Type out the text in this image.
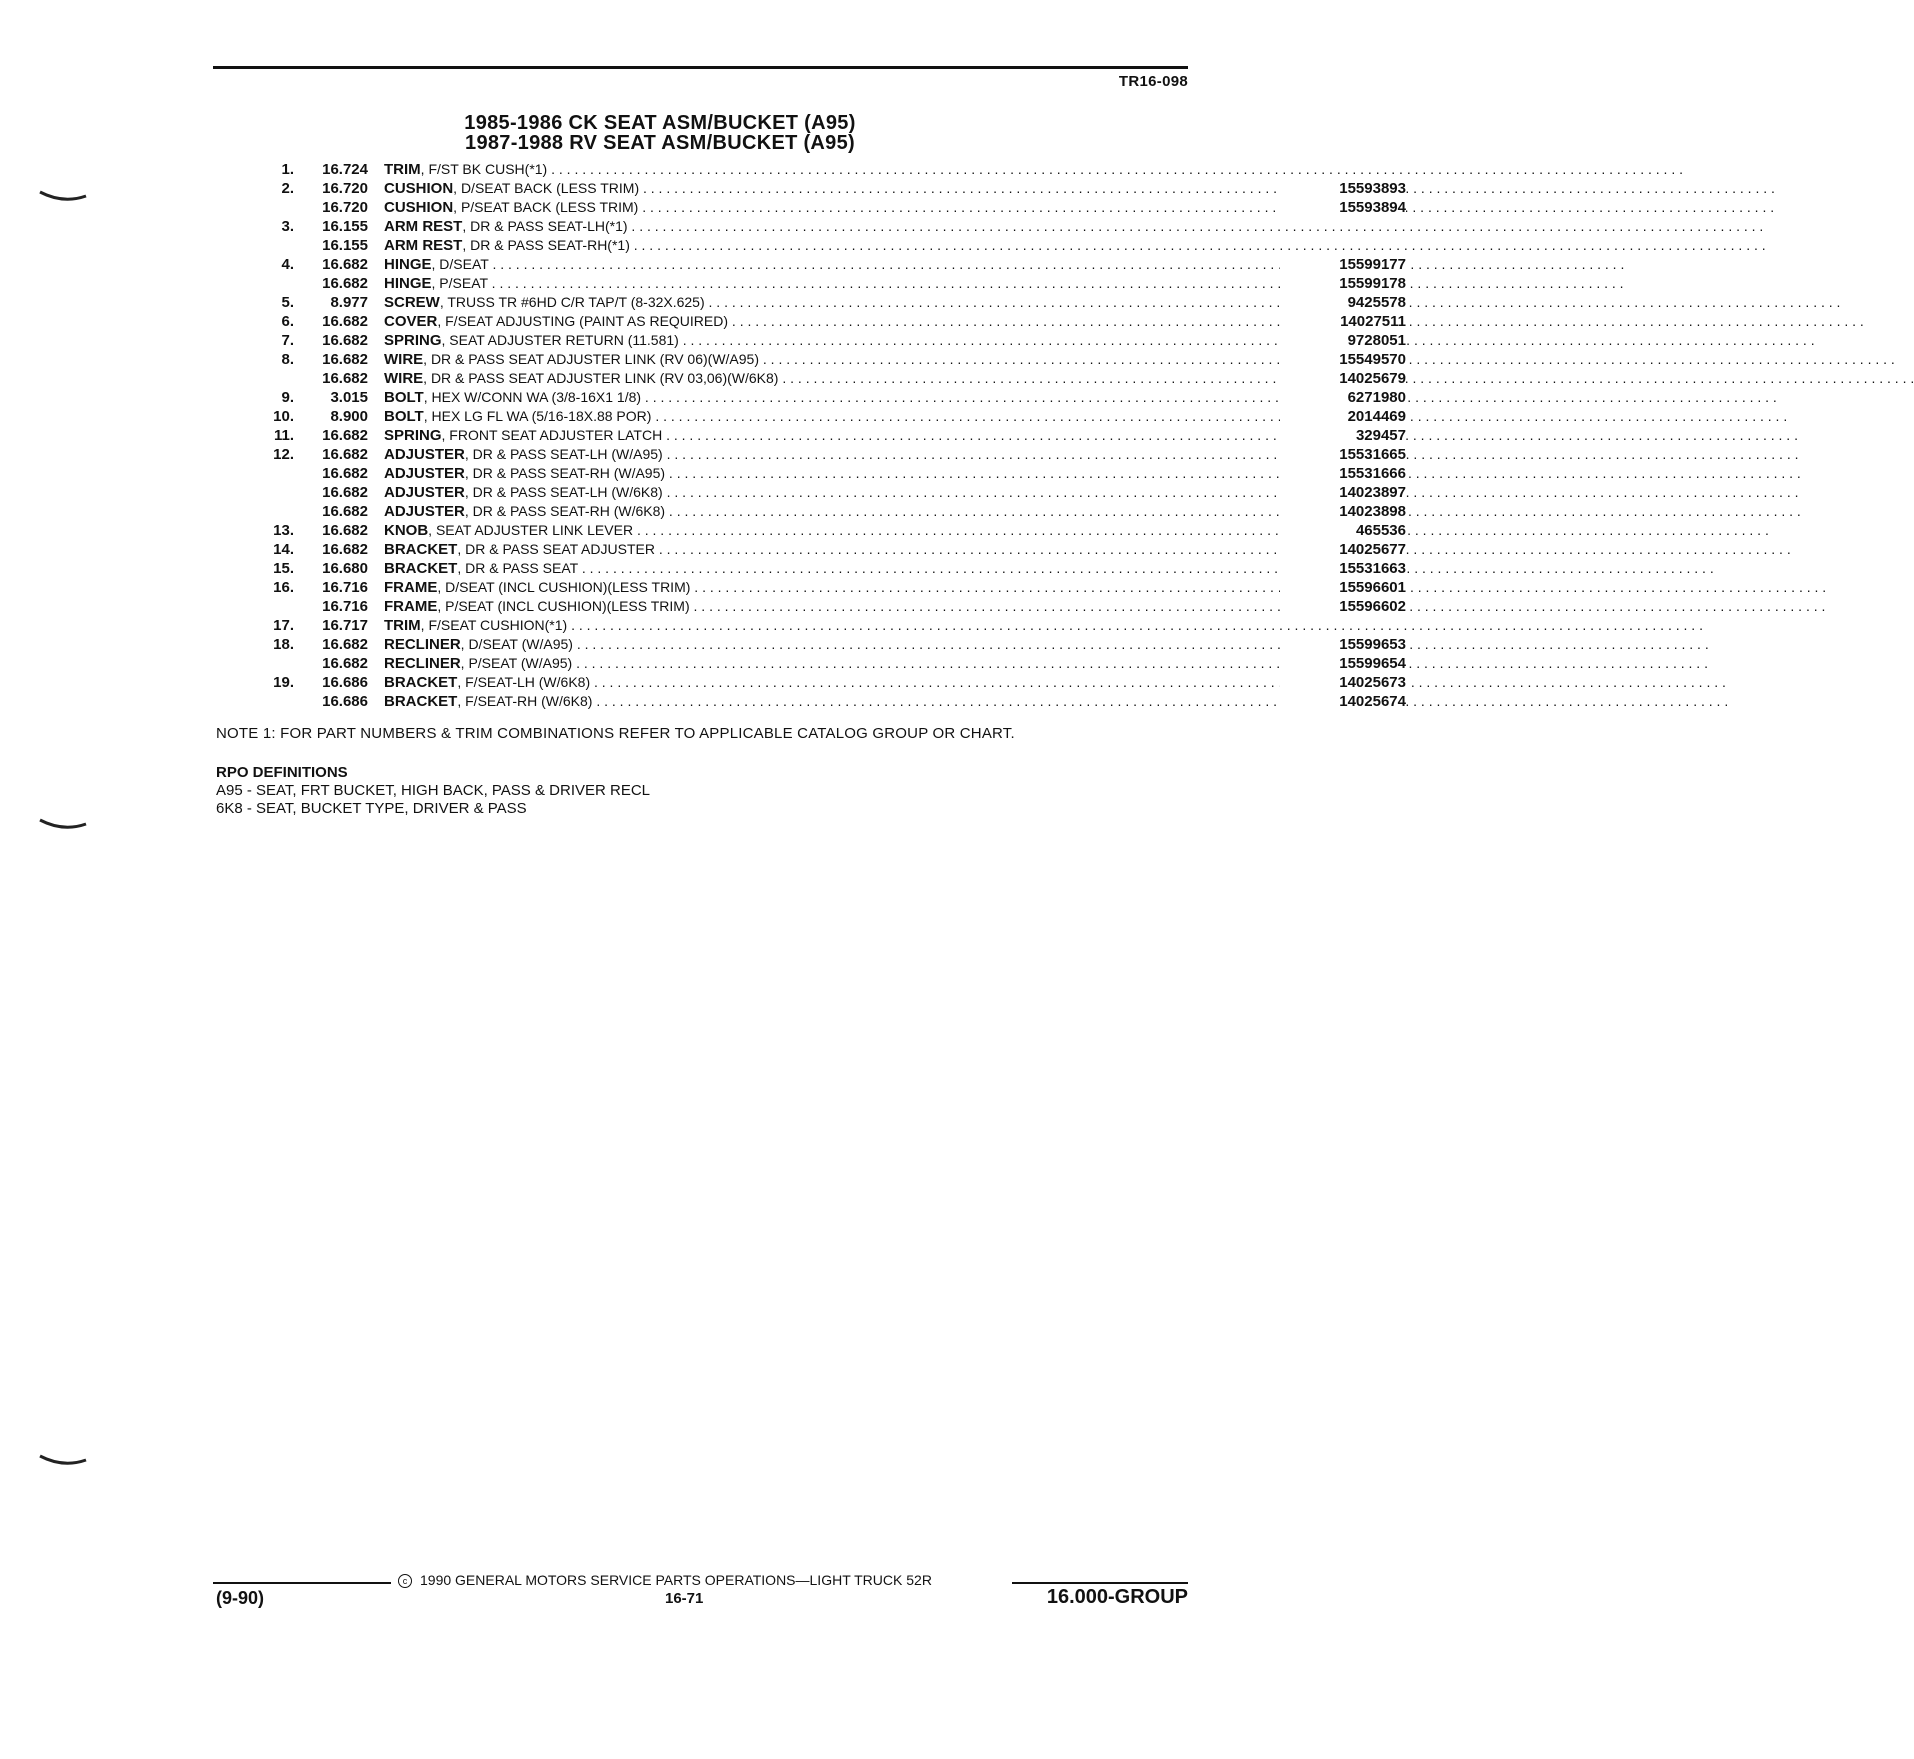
TR16-098
1985-1986 CK SEAT ASM/BUCKET (A95)
1987-1988 RV SEAT ASM/BUCKET (A95)
1.	16.724 TRIM, F/ST BK CUSH(*1) . . .
2.	16.720 CUSHION, D/SEAT BACK (LESS TRIM) . . .	15593893
16.720 CUSHION, P/SEAT BACK (LESS TRIM) . . .	15593894
3.	16.155 ARM REST, DR & PASS SEAT-LH(*1) . . .
16.155 ARM REST, DR & PASS SEAT-RH(*1) . . .
4.	16.682 HINGE, D/SEAT . . .	15599177
16.682 HINGE, P/SEAT . . .	15599178
5.	8.977 SCREW, TRUSS TR #6HD C/R TAP/T (8-32X.625) . . .	9425578
6.	16.682 COVER, F/SEAT ADJUSTING (PAINT AS REQUIRED) . . .	14027511
7.	16.682 SPRING, SEAT ADJUSTER RETURN (11.581) . . .	9728051
8.	16.682 WIRE, DR & PASS SEAT ADJUSTER LINK (RV 06)(W/A95) . . .	15549570
16.682 WIRE, DR & PASS SEAT ADJUSTER LINK (RV 03,06)(W/6K8) . . .	14025679
9.	3.015 BOLT, HEX W/CONN WA (3/8-16X1 1/8) . . .	6271980
10.	8.900 BOLT, HEX LG FL WA (5/16-18X.88 POR) . . .	2014469
11.	16.682 SPRING, FRONT SEAT ADJUSTER LATCH . . .	329457
12.	16.682 ADJUSTER, DR & PASS SEAT-LH (W/A95) . . .	15531665
16.682 ADJUSTER, DR & PASS SEAT-RH (W/A95) . . .	15531666
16.682 ADJUSTER, DR & PASS SEAT-LH (W/6K8) . . .	14023897
16.682 ADJUSTER, DR & PASS SEAT-RH (W/6K8) . . .	14023898
13.	16.682 KNOB, SEAT ADJUSTER LINK LEVER . . .	465536
14.	16.682 BRACKET, DR & PASS SEAT ADJUSTER . . .	14025677
15.	16.680 BRACKET, DR & PASS SEAT . . .	15531663
16.	16.716 FRAME, D/SEAT (INCL CUSHION)(LESS TRIM) . . .	15596601
16.716 FRAME, P/SEAT (INCL CUSHION)(LESS TRIM) . . .	15596602
17.	16.717 TRIM, F/SEAT CUSHION(*1) . . .
18.	16.682 RECLINER, D/SEAT (W/A95) . . .	15599653
16.682 RECLINER, P/SEAT (W/A95) . . .	15599654
19.	16.686 BRACKET, F/SEAT-LH (W/6K8) . . .	14025673
16.686 BRACKET, F/SEAT-RH (W/6K8) . . .	14025674
NOTE 1: FOR PART NUMBERS & TRIM COMBINATIONS REFER TO APPLICABLE CATALOG GROUP OR CHART.
RPO DEFINITIONS
A95 - SEAT, FRT BUCKET, HIGH BACK, PASS & DRIVER RECL
6K8 - SEAT, BUCKET TYPE, DRIVER & PASS
c 1990 GENERAL MOTORS SERVICE PARTS OPERATIONS—LIGHT TRUCK 52R
(9-90)	16-71	16.000-GROUP
